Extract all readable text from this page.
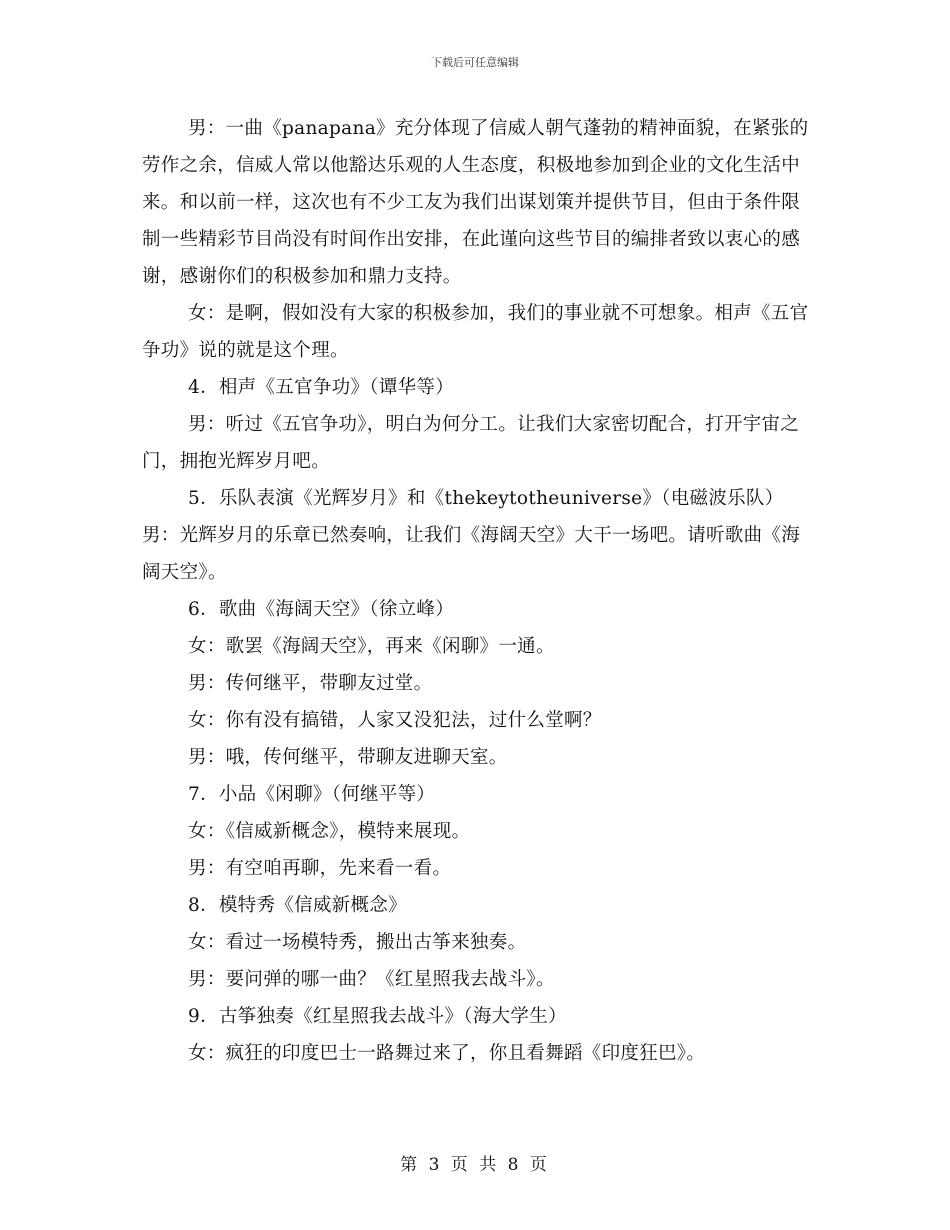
下载后可任意编辑

男：一曲《panapana》充分体现了信威人朝气蓬勃的精神面貌，在紧张的劳作之余，信威人常以他豁达乐观的人生态度，积极地参加到企业的文化生活中来。和以前一样，这次也有不少工友为我们出谋划策并提供节目，但由于条件限制一些精彩节目尚没有时间作出安排，在此谨向这些节目的编排者致以衷心的感谢，感谢你们的积极参加和鼎力支持。

女：是啊，假如没有大家的积极参加，我们的事业就不可想象。相声《五官争功》说的就是这个理。

4．相声《五官争功》（谭华等）

男：听过《五官争功》，明白为何分工。让我们大家密切配合，打开宇宙之门，拥抱光辉岁月吧。

5．乐队表演《光辉岁月》和《thekeytotheuniverse》（电磁波乐队）男：光辉岁月的乐章已然奏响，让我们《海阔天空》大干一场吧。请听歌曲《海阔天空》。

6．歌曲《海阔天空》（徐立峰）

女：歌罢《海阔天空》，再来《闲聊》一通。

男：传何继平，带聊友过堂。

女：你有没有搞错，人家又没犯法，过什么堂啊？

男：哦，传何继平，带聊友进聊天室。

7．小品《闲聊》（何继平等）

女：《信威新概念》，模特来展现。

男：有空咱再聊，先来看一看。

8．模特秀《信威新概念》

女：看过一场模特秀，搬出古筝来独奏。

男：要问弹的哪一曲？《红星照我去战斗》。

9．古筝独奏《红星照我去战斗》（海大学生）

女：疯狂的印度巴士一路舞过来了，你且看舞蹈《印度狂巴》。

第 3 页 共 8 页
